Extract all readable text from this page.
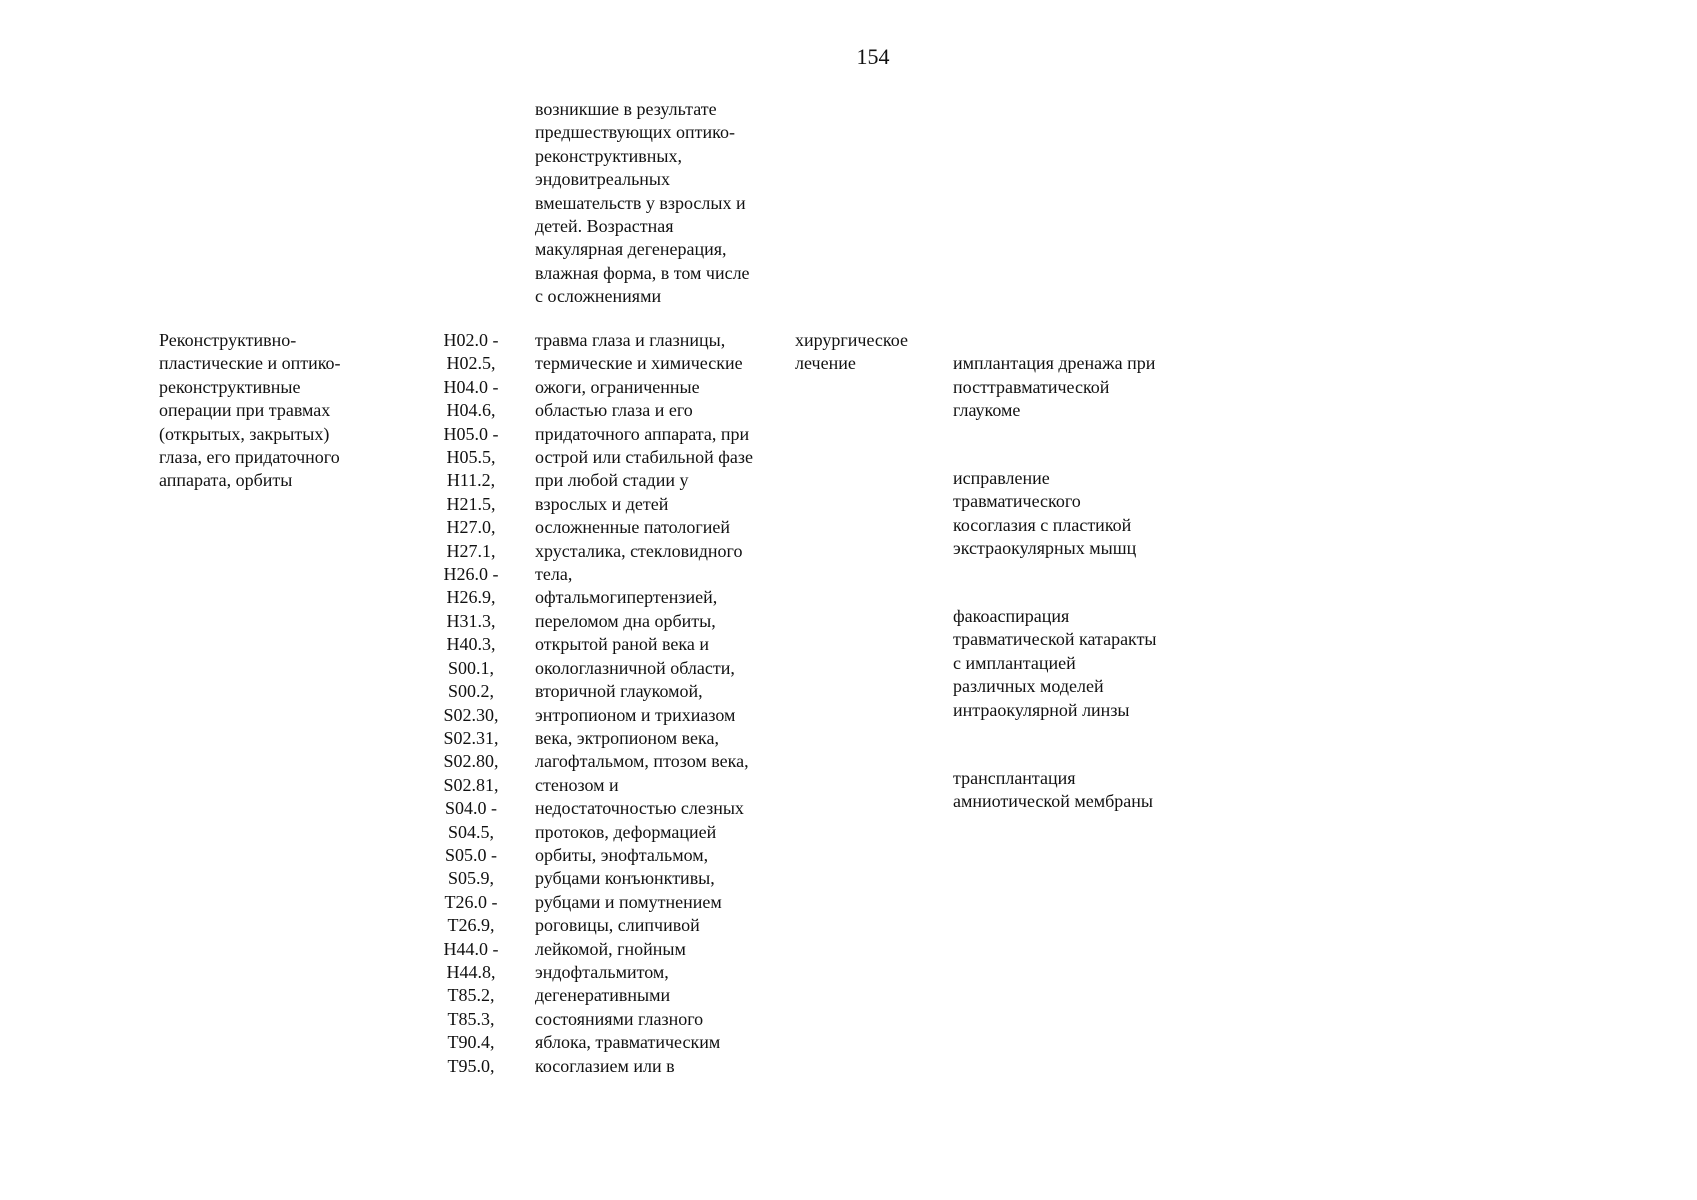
154
возникшие в результате
предшествующих оптико-
реконструктивных,
эндовитреальных
вмешательств у взрослых и
детей. Возрастная
макулярная дегенерация,
влажная форма, в том числе
с осложнениями
Реконструктивно-
пластические и оптико-
реконструктивные
операции при травмах
(открытых, закрытых)
глаза, его придаточного
аппарата, орбиты
H02.0 -
H02.5,
H04.0 -
H04.6,
H05.0 -
H05.5,
H11.2,
H21.5,
H27.0,
H27.1,
H26.0 -
H26.9,
H31.3,
H40.3,
S00.1,
S00.2,
S02.30,
S02.31,
S02.80,
S02.81,
S04.0 -
S04.5,
S05.0 -
S05.9,
T26.0 -
T26.9,
H44.0 -
H44.8,
T85.2,
T85.3,
T90.4,
T95.0,
травма глаза и глазницы,
термические и химические
ожоги, ограниченные
областью глаза и его
придаточного аппарата, при
острой или стабильной фазе
при любой стадии у
взрослых и детей
осложненные патологией
хрусталика, стекловидного
тела,
офтальмогипертензией,
переломом дна орбиты,
открытой раной века и
окологлазничной области,
вторичной глаукомой,
энтропионом и трихиазом
века, эктропионом века,
лагофтальмом, птозом века,
стенозом и
недостаточностью слезных
протоков, деформацией
орбиты, энофтальмом,
рубцами конъюнктивы,
рубцами и помутнением
роговицы, слипчивой
лейкомой, гнойным
эндофтальмитом,
дегенеративными
состояниями глазного
яблока, травматическим
косоглазием или в
хирургическое
лечение	имплантация дренажа при
посттравматической
глаукоме

исправление
травматического
косоглазия с пластикой
экстраокулярных мышц

факоаспирация
травматической катаракты
с имплантацией
различных моделей
интраокулярной линзы

трансплантация
амниотической мембраны
